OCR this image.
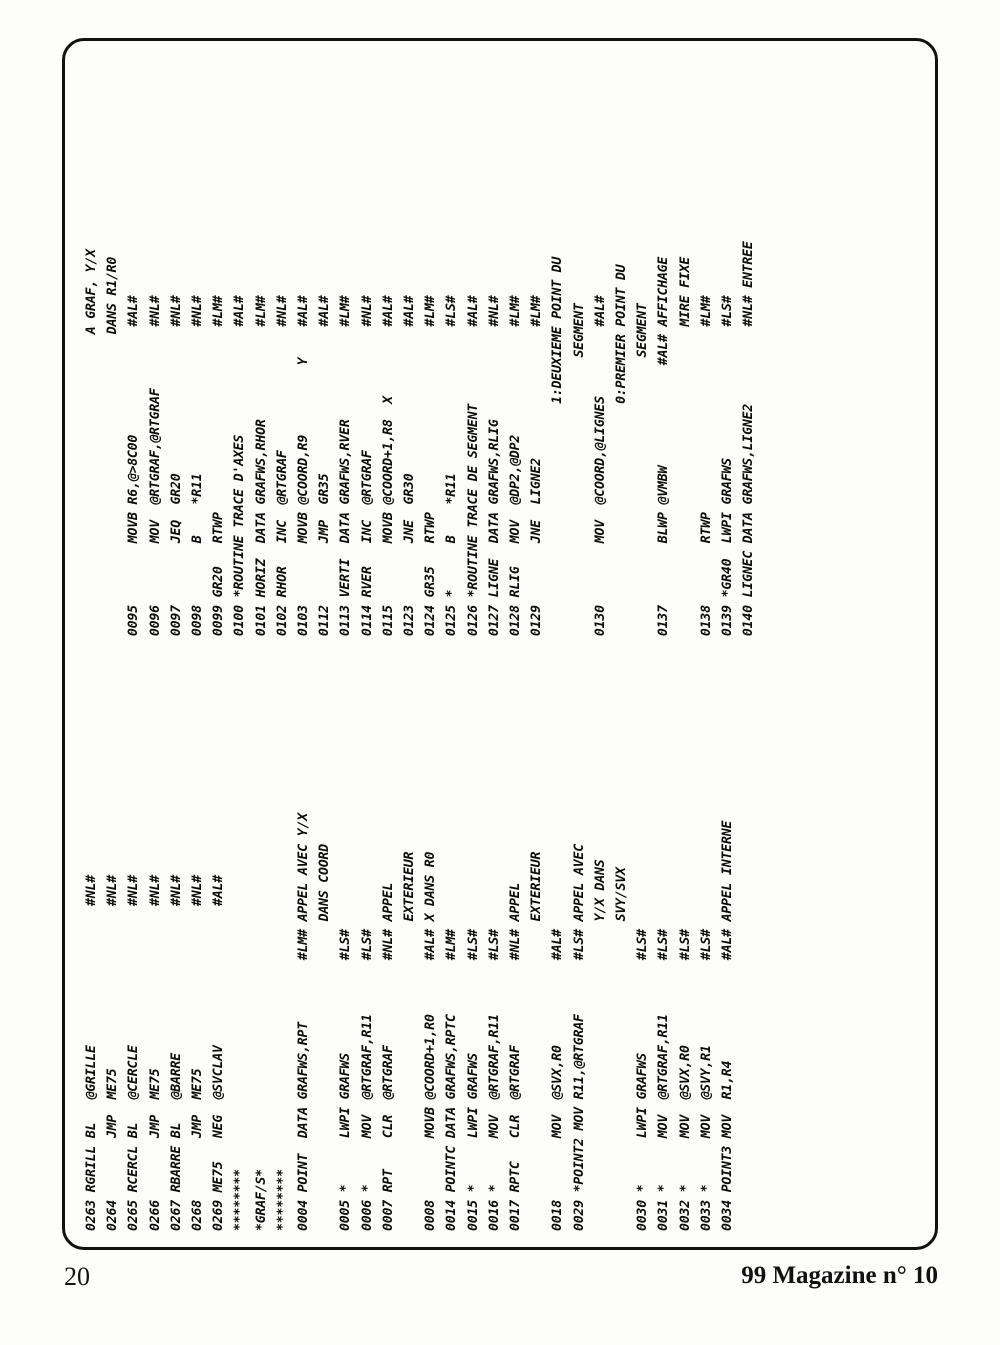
0263 RGRILL BL   @GRILLE                  #NL# 0264        JMP  ME75                     #NL# 0265 RCERCL BL   @CERCLE                  #NL# 0266        JMP  ME75                     #NL# 0267 RBARRE BL   @BARRE                   #NL# 0268        JMP  ME75                     #NL# 0269 ME75   NEG  @SVCLAV                  #AL# ******** *GRAF/S* ******** 0004 POINT  DATA GRAFWS,RPT        #LM# APPEL AVEC Y/X DANS COORD 0005 *      LWPI GRAFWS            #LS# 0006 *      MOV  @RTGRAF,R11       #LS# 0007 RPT    CLR  @RTGRAF           #NL# APPEL EXTERIEUR 0008        MOVB @COORD+1,R0       #AL# X DANS R0 0014 POINTC DATA GRAFWS,RPTC       #LM# 0015 *      LWPI GRAFWS            #LS# 0016 *      MOV  @RTGRAF,R11       #LS# 0017 RPTC   CLR  @RTGRAF           #NL# APPEL EXTERIEUR 0018        MOV  @SVX,R0           #AL# 0029 *POINT2 MOV R11,@RTGRAF       #LS# APPEL AVEC Y/X DANS SVY/SVX 0030 *      LWPI GRAFWS            #LS# 0031 *      MOV  @RTGRAF,R11       #LS# 0032 *      MOV  @SVX,R0           #LS# 0033 *      MOV  @SVY,R1           #LS# 0034 POINT3 MOV  R1,R4             #AL# APPEL INTERNE
A GRAF, Y/X DANS R1/R0 0095        MOVB R6,@>8C00              #AL# 0096        MOV  @RTGRAF,@RTGRAF        #NL# 0097        JEQ  GR20                   #NL# 0098        B    *R11                   #NL# 0099 GR20   RTWP                        #LM# 0100 *ROUTINE TRACE D'AXES              #AL# 0101 HORIZ  DATA GRAFWS,RHOR            #LM# 0102 RHOR   INC  @RTGRAF                #NL# 0103        MOVB @COORD,R9         Y    #AL# 0112        JMP  GR35                   #AL# 0113 VERTI  DATA GRAFWS,RVER            #LM# 0114 RVER   INC  @RTGRAF                #NL# 0115        MOVB @COORD+1,R8  X         #AL# 0123        JNE  GR30                   #AL# 0124 GR35   RTWP                        #LM# 0125 *      B    *R11                   #LS# 0126 *ROUTINE TRACE DE SEGMENT          #AL# 0127 LIGNE  DATA GRAFWS,RLIG            #NL# 0128 RLIG   MOV  @DP2,@DP2              #LM# 0129        JNE  LIGNE2                 #LM# 1:DEUXIEME POINT DU SEGMENT 0130        MOV  @COORD,@LIGNES         #AL# 0:PREMIER POINT DU SEGMENT 0137        BLWP @VMBW             #AL# AFFICHAGE MIRE FIXE 0138        RTWP                        #LM# 0139 *GR40  LWPI GRAFWS                 #LS# 0140 LIGNEC DATA GRAFWS,LIGNE2          #NL# ENTREE
20	99 Magazine n° 10
